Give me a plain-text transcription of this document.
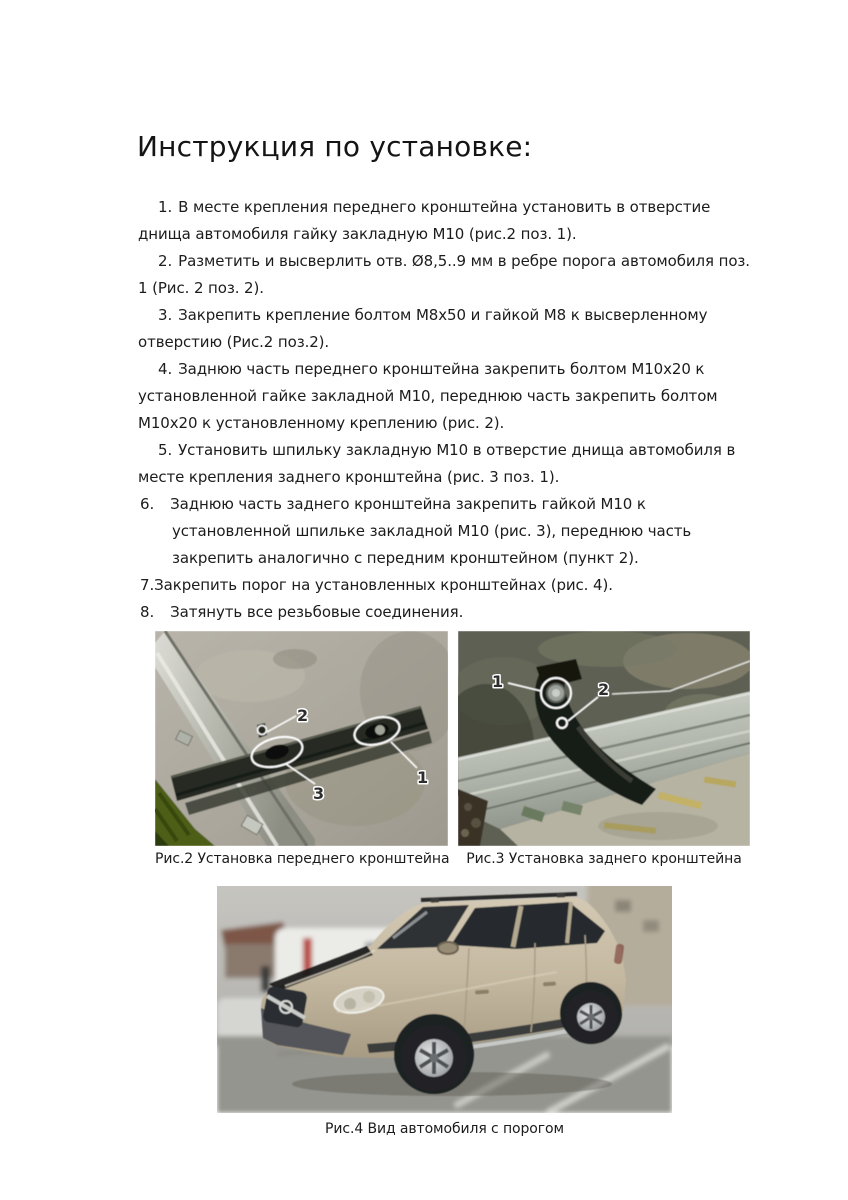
Инструкция по установке:
1. В месте крепления переднего кронштейна установить в отверстие днища автомобиля гайку закладную М10 (рис.2 поз. 1).
2. Разметить и высверлить отв. Ø8,5..9 мм в ребре порога автомобиля поз. 1 (Рис. 2 поз. 2).
3. Закрепить крепление болтом М8х50 и гайкой М8 к высверленному отверстию (Рис.2 поз.2).
4. Заднюю часть переднего кронштейна закрепить болтом М10х20 к установленной гайке закладной М10, переднюю часть закрепить болтом М10х20 к установленному креплению (рис. 2).
5. Установить шпильку закладную М10 в отверстие днища автомобиля в месте крепления заднего кронштейна (рис. 3 поз. 1).
6. Заднюю часть заднего кронштейна закрепить гайкой М10 к установленной шпильке закладной М10 (рис. 3), переднюю часть закрепить аналогично с передним кронштейном (пункт 2).
7.Закрепить порог на установленных кронштейнах (рис. 4).
8. Затянуть все резьбовые соединения.
2
3
1
1	2
Рис.2 Установка переднего кронштейна	Рис.3 Установка заднего кронштейна
Рис.4 Вид автомобиля с порогом
